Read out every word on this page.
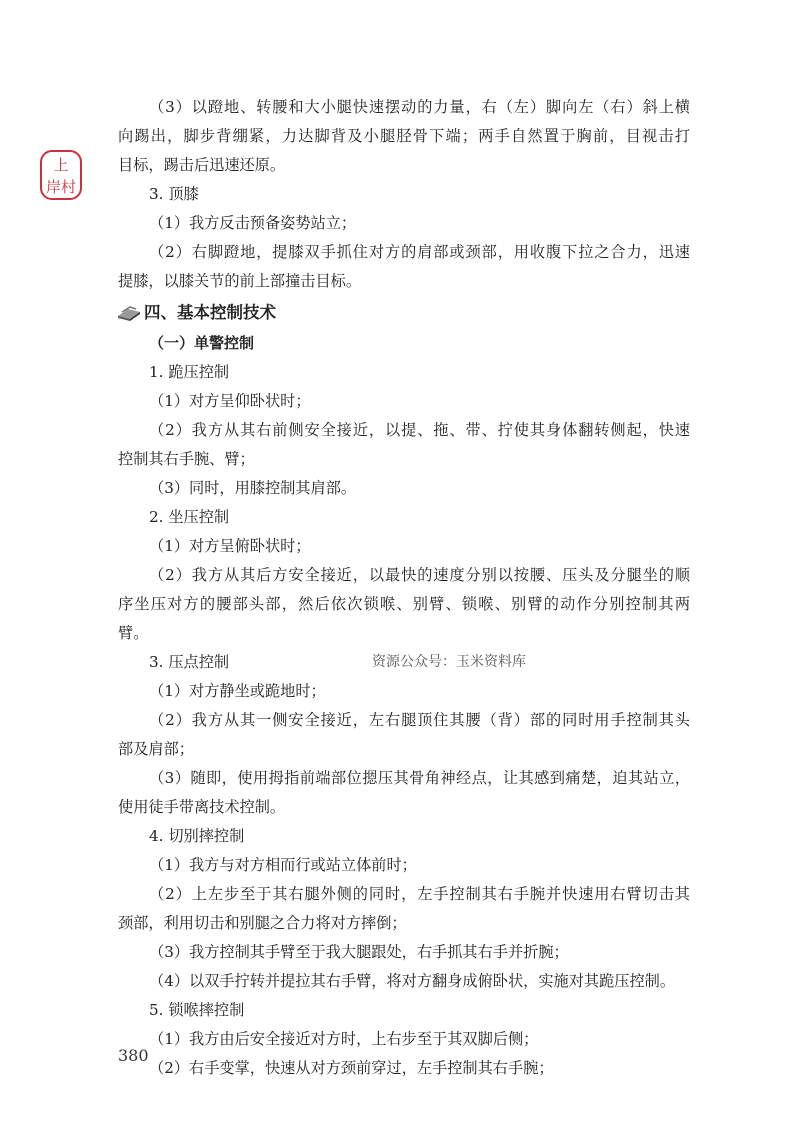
上
岸村
（3）以蹬地、转腰和大小腿快速摆动的力量，右（左）脚向左（右）斜上横
向踢出，脚步背绷紧，力达脚背及小腿胫骨下端；两手自然置于胸前，目视击打
目标，踢击后迅速还原。
3. 顶膝
（1）我方反击预备姿势站立；
（2）右脚蹬地，提膝双手抓住对方的肩部或颈部，用收腹下拉之合力，迅速
提膝，以膝关节的前上部撞击目标。
四、基本控制技术
（一）单警控制
1. 跪压控制
（1）对方呈仰卧状时；
（2）我方从其右前侧安全接近，以提、拖、带、拧使其身体翻转侧起，快速
控制其右手腕、臂；
（3）同时，用膝控制其肩部。
2. 坐压控制
（1）对方呈俯卧状时；
（2）我方从其后方安全接近，以最快的速度分别以按腰、压头及分腿坐的顺
序坐压对方的腰部头部，然后依次锁喉、别臂、锁喉、别臂的动作分别控制其两
臂。
3. 压点控制
（1）对方静坐或跪地时；
（2）我方从其一侧安全接近，左右腿顶住其腰（背）部的同时用手控制其头
部及肩部；
（3）随即，使用拇指前端部位摁压其骨角神经点，让其感到痛楚，迫其站立，
使用徒手带离技术控制。
4. 切别摔控制
（1）我方与对方相而行或站立体前时；
（2）上左步至于其右腿外侧的同时，左手控制其右手腕并快速用右臂切击其
颈部，利用切击和别腿之合力将对方摔倒；
（3）我方控制其手臂至于我大腿跟处，右手抓其右手并折腕；
（4）以双手拧转并提拉其右手臂，将对方翻身成俯卧状，实施对其跪压控制。
5. 锁喉摔控制
（1）我方由后安全接近对方时，上右步至于其双脚后侧；
（2）右手变掌，快速从对方颈前穿过，左手控制其右手腕；
资源公众号：玉米资料库
380
